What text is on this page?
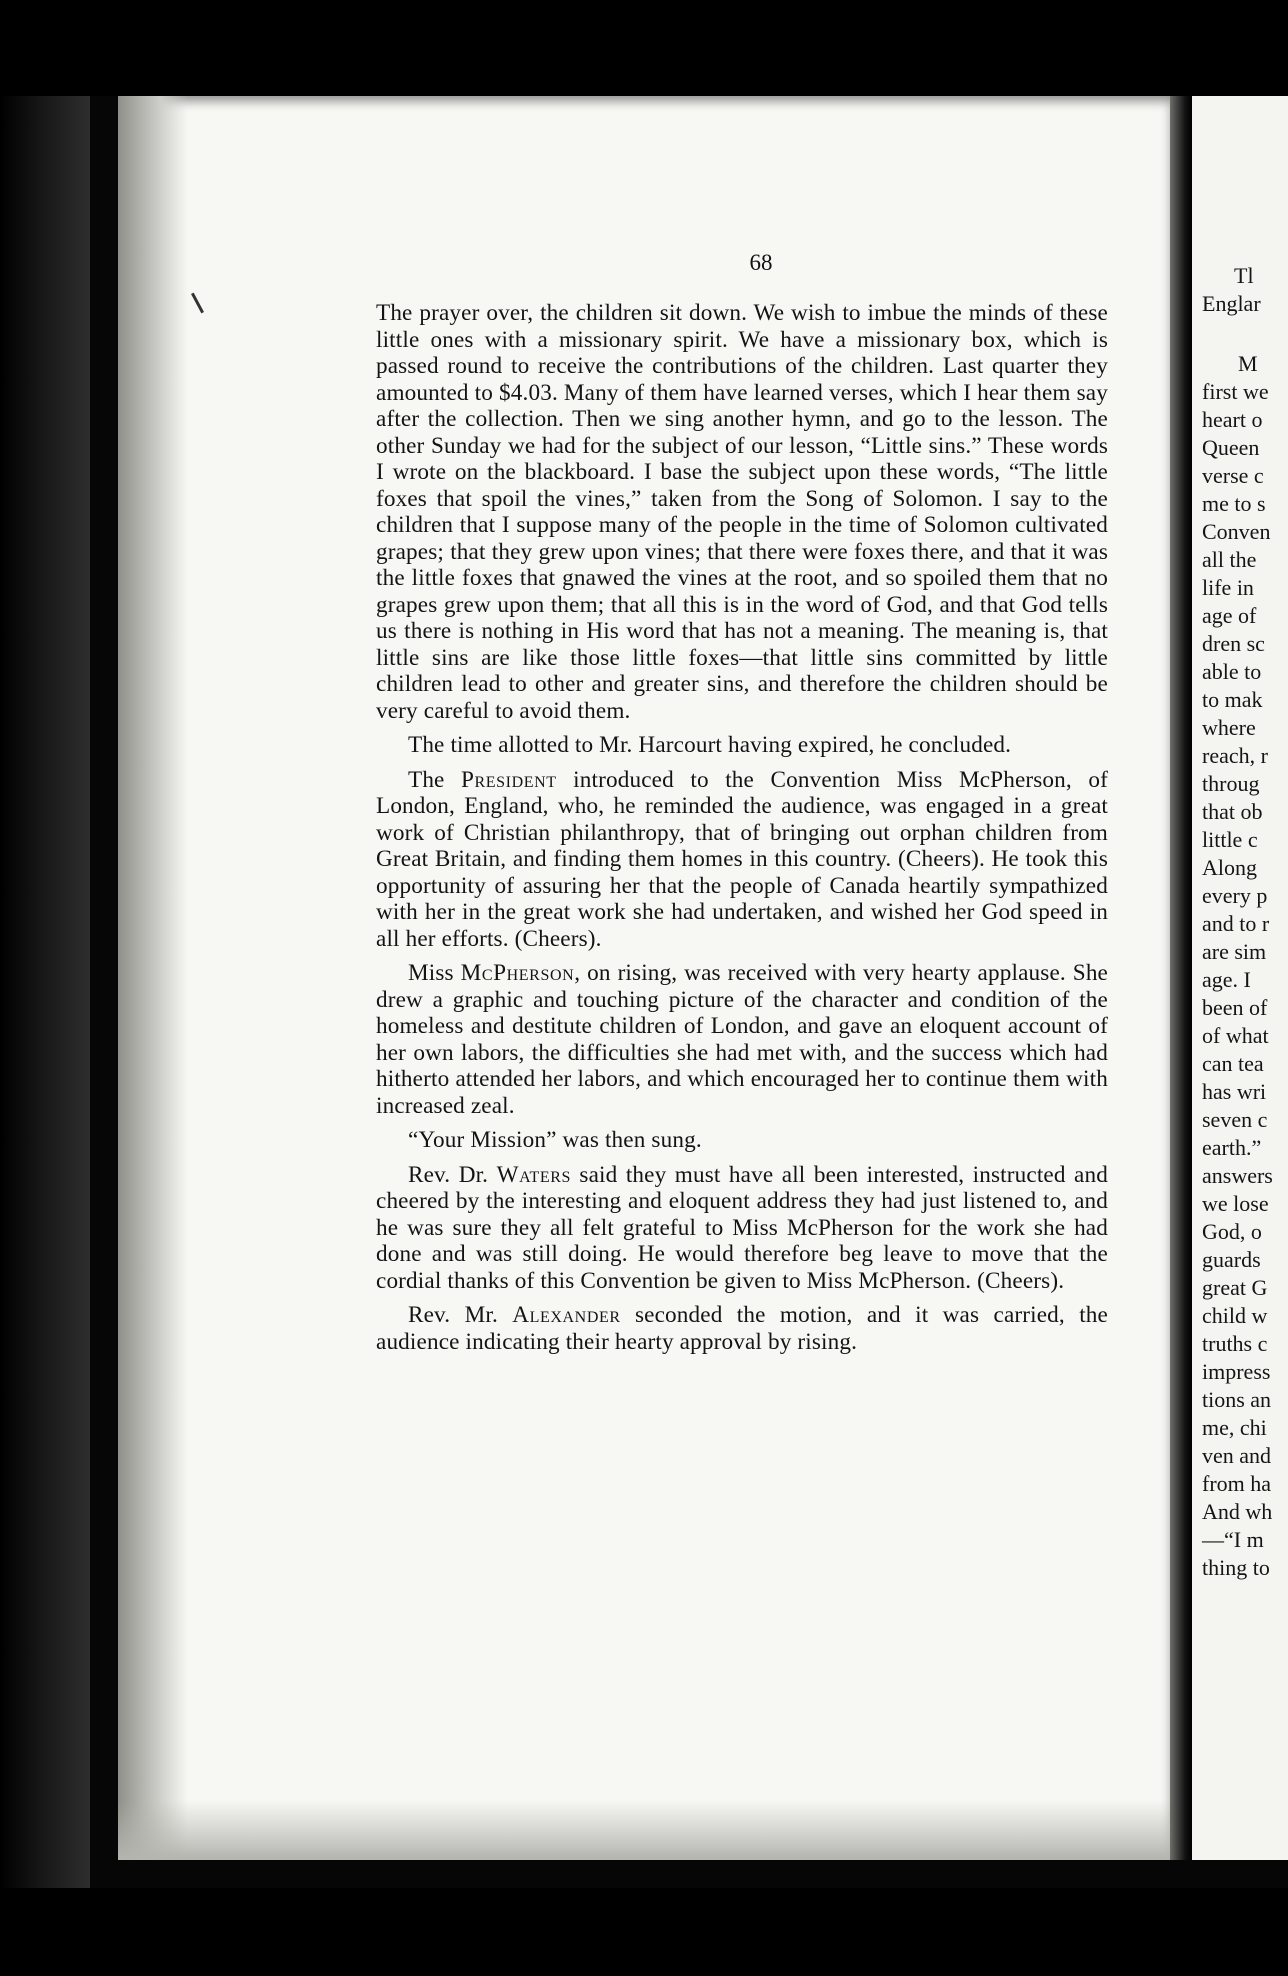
68

The prayer over, the children sit down. We wish to imbue the minds of these little ones with a missionary spirit. We have a missionary box, which is passed round to receive the contributions of the children. Last quarter they amounted to $4.03. Many of them have learned verses, which I hear them say after the collection. Then we sing another hymn, and go to the lesson. The other Sunday we had for the subject of our lesson, “Little sins.” These words I wrote on the blackboard. I base the subject upon these words, “The little foxes that spoil the vines,” taken from the Song of Solomon. I say to the children that I suppose many of the people in the time of Solomon cultivated grapes; that they grew upon vines; that there were foxes there, and that it was the little foxes that gnawed the vines at the root, and so spoiled them that no grapes grew upon them; that all this is in the word of God, and that God tells us there is nothing in His word that has not a meaning. The meaning is, that little sins are like those little foxes—that little sins committed by little children lead to other and greater sins, and therefore the children should be very careful to avoid them.

The time allotted to Mr. Harcourt having expired, he concluded.

The President introduced to the Convention Miss McPherson, of London, England, who, he reminded the audience, was engaged in a great work of Christian philanthropy, that of bringing out orphan children from Great Britain, and finding them homes in this country. (Cheers). He took this opportunity of assuring her that the people of Canada heartily sympathized with her in the great work she had undertaken, and wished her God speed in all her efforts. (Cheers).

Miss McPherson, on rising, was received with very hearty applause. She drew a graphic and touching picture of the character and condition of the homeless and destitute children of London, and gave an eloquent account of her own labors, the difficulties she had met with, and the success which had hitherto attended her labors, and which encouraged her to continue them with increased zeal.

“Your Mission” was then sung.

Rev. Dr. Waters said they must have all been interested, instructed and cheered by the interesting and eloquent address they had just listened to, and he was sure they all felt grateful to Miss McPherson for the work she had done and was still doing. He would therefore beg leave to move that the cordial thanks of this Convention be given to Miss McPherson. (Cheers).

Rev. Mr. Alexander seconded the motion, and it was carried, the audience indicating their hearty approval by rising.

Tl
Englar
M
first we
heart o
Queen
verse c
me to s
Conven
all the
life in
age of
dren sc
able to
to mak
where
reach, r
throug
that ob
little c
Along
every p
and to r
are sim
age. I
been of
of what
can tea
has wri
seven c
earth.”
answers
we lose
God, o
guards
great G
child w
truths c
impress
tions an
me, chi
ven and
from ha
And wh
—“I m
thing to
